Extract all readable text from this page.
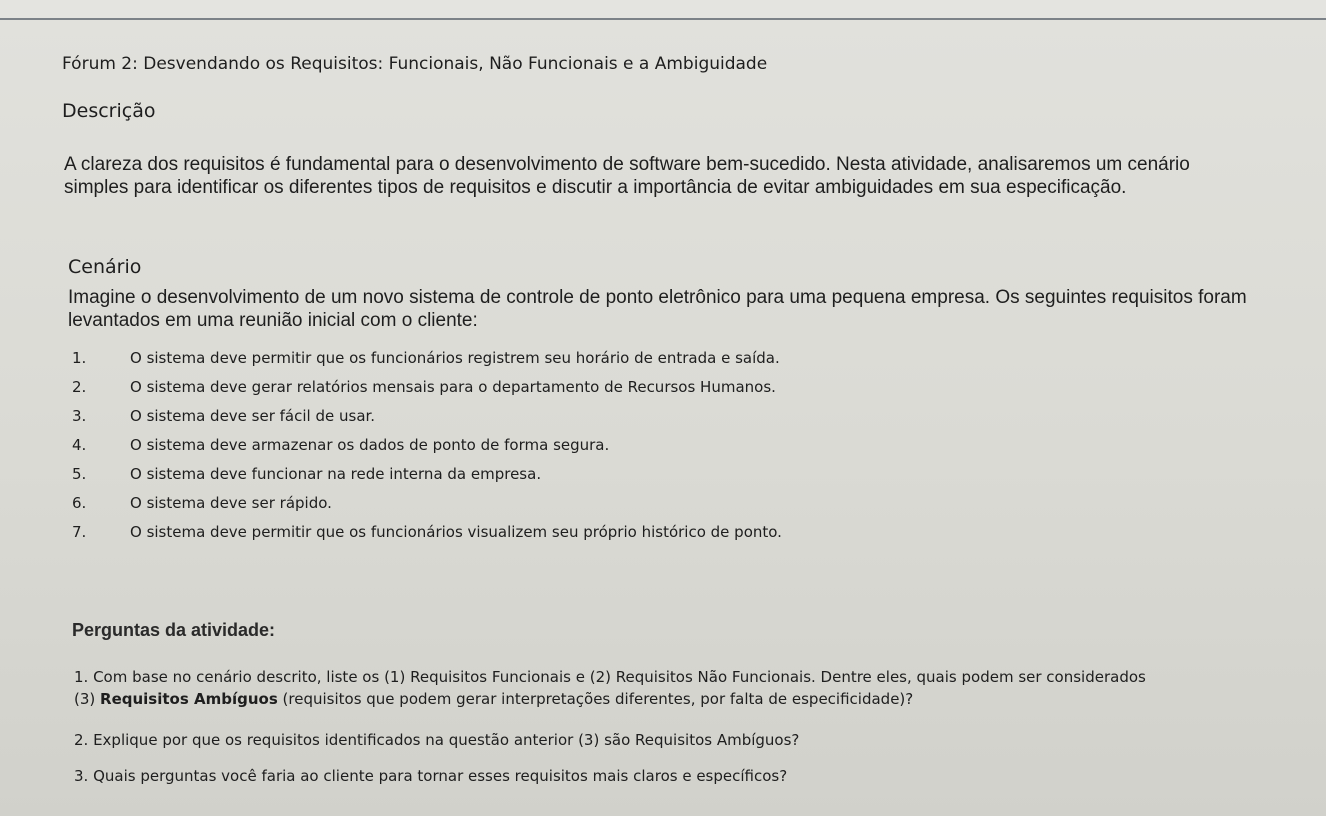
Fórum 2: Desvendando os Requisitos: Funcionais, Não Funcionais e a Ambiguidade
Descrição
A clareza dos requisitos é fundamental para o desenvolvimento de software bem-sucedido. Nesta atividade, analisaremos um cenário
simples para identificar os diferentes tipos de requisitos e discutir a importância de evitar ambiguidades em sua especificação.
Cenário
Imagine o desenvolvimento de um novo sistema de controle de ponto eletrônico para uma pequena empresa. Os seguintes requisitos foram
levantados em uma reunião inicial com o cliente:
1.	O sistema deve permitir que os funcionários registrem seu horário de entrada e saída.
2.	O sistema deve gerar relatórios mensais para o departamento de Recursos Humanos.
3.	O sistema deve ser fácil de usar.
4.	O sistema deve armazenar os dados de ponto de forma segura.
5.	O sistema deve funcionar na rede interna da empresa.
6.	O sistema deve ser rápido.
7.	O sistema deve permitir que os funcionários visualizem seu próprio histórico de ponto.
Perguntas da atividade:
1. Com base no cenário descrito, liste os (1) Requisitos Funcionais e (2) Requisitos Não Funcionais. Dentre eles, quais podem ser considerados
(3) Requisitos Ambíguos (requisitos que podem gerar interpretações diferentes, por falta de especificidade)?
2. Explique por que os requisitos identificados na questão anterior (3) são Requisitos Ambíguos?
3. Quais perguntas você faria ao cliente para tornar esses requisitos mais claros e específicos?
